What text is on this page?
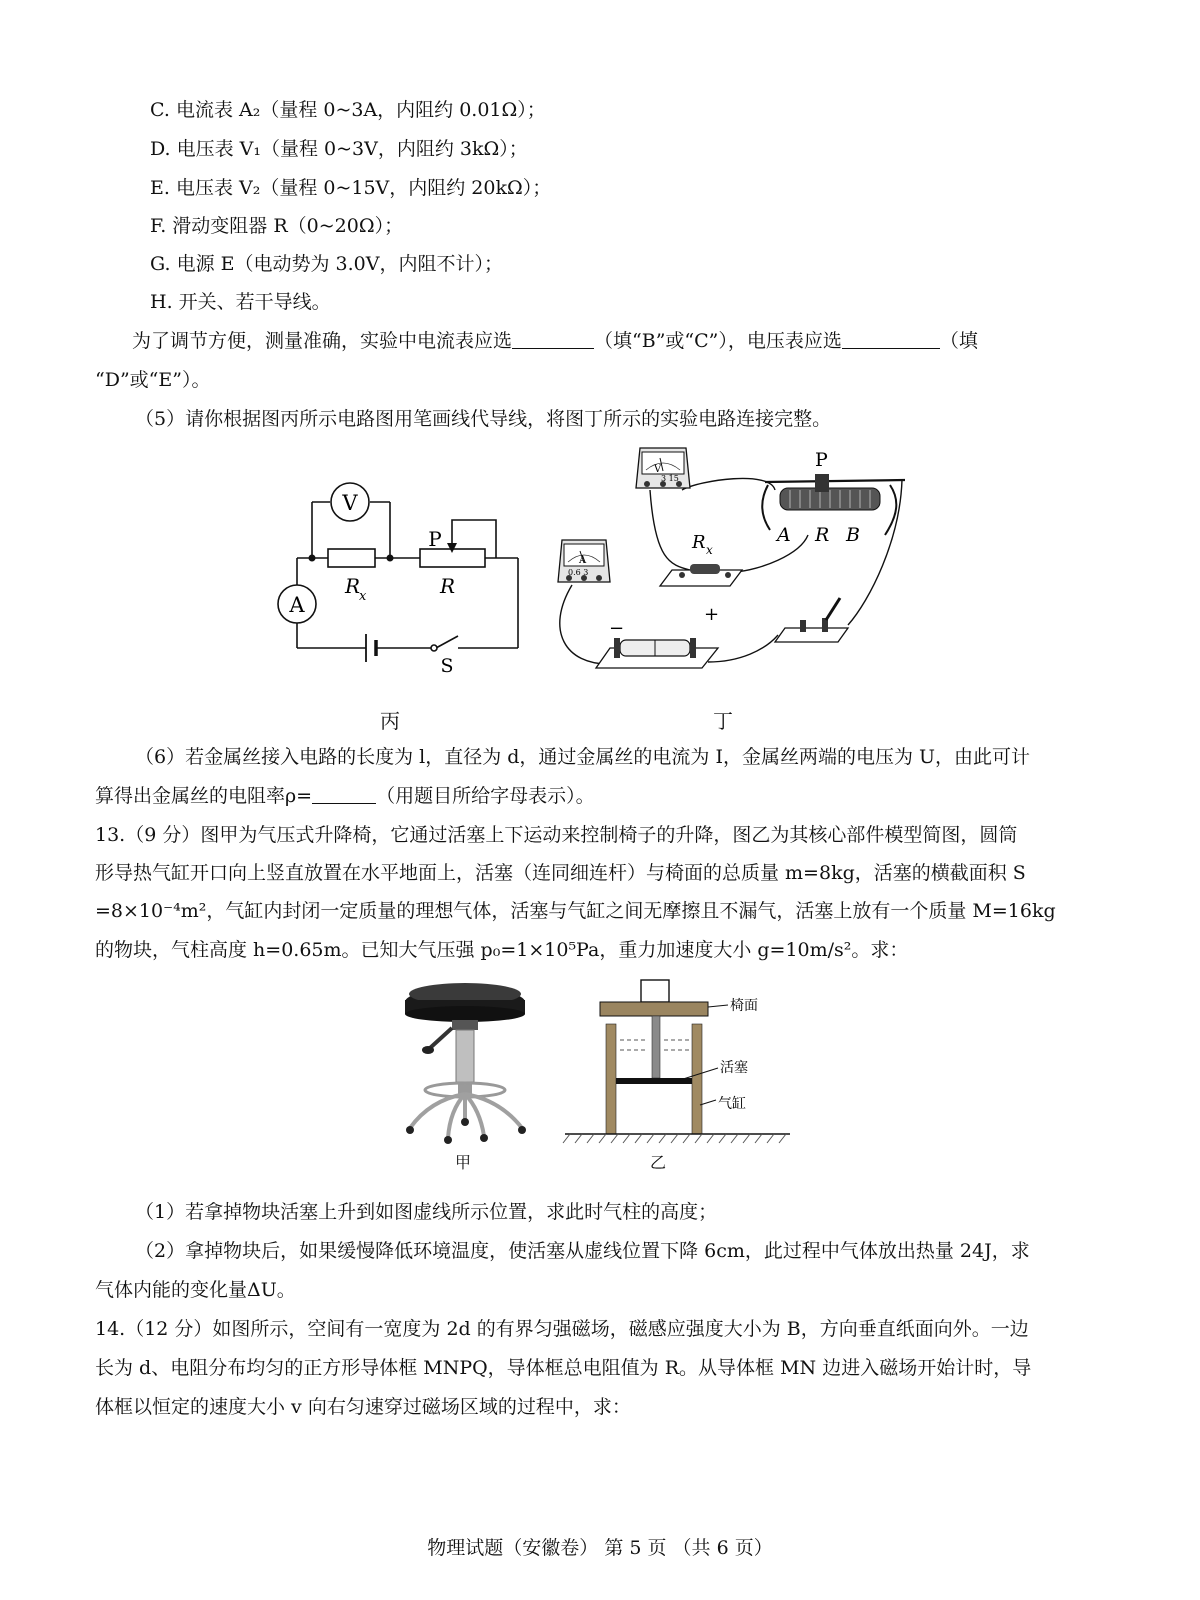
C. 电流表 A₂（量程 0~3A，内阻约 0.01Ω）；
D. 电压表 V₁（量程 0~3V，内阻约 3kΩ）；
E. 电压表 V₂（量程 0~15V，内阻约 20kΩ）；
F. 滑动变阻器 R（0~20Ω）；
G. 电源 E（电动势为 3.0V，内阻不计）；
H. 开关、若干导线。
为了调节方便，测量准确，实验中电流表应选	（填“B”或“C”），电压表应选	（填
“D”或“E”）。
（5）请你根据图丙所示电路图用笔画线代导线，将图丁所示的实验电路连接完整。
V
A
P
R
x	R
S
丙
V
3 15
A
0.6 3
R x
P
A R B
−
+
丁
（6）若金属丝接入电路的长度为 l，直径为 d，通过金属丝的电流为 I，金属丝两端的电压为 U，由此可计
算得出金属丝的电阻率ρ=	（用题目所给字母表示）。
13.（9 分）图甲为气压式升降椅，它通过活塞上下运动来控制椅子的升降，图乙为其核心部件模型简图，圆筒
形导热气缸开口向上竖直放置在水平地面上，活塞（连同细连杆）与椅面的总质量 m=8kg，活塞的横截面积 S
=8×10⁻⁴m²，气缸内封闭一定质量的理想气体，活塞与气缸之间无摩擦且不漏气，活塞上放有一个质量 M=16kg
的物块，气柱高度 h=0.65m。已知大气压强 p₀=1×10⁵Pa，重力加速度大小 g=10m/s²。求：
甲
椅面
活塞
气缸
乙
（1）若拿掉物块活塞上升到如图虚线所示位置，求此时气柱的高度；
（2）拿掉物块后，如果缓慢降低环境温度，使活塞从虚线位置下降 6cm，此过程中气体放出热量 24J，求
气体内能的变化量ΔU。
14.（12 分）如图所示，空间有一宽度为 2d 的有界匀强磁场，磁感应强度大小为 B，方向垂直纸面向外。一边
长为 d、电阻分布均匀的正方形导体框 MNPQ，导体框总电阻值为 R。从导体框 MN 边进入磁场开始计时，导
体框以恒定的速度大小 v 向右匀速穿过磁场区域的过程中，求：
物理试题（安徽卷） 第 5 页 （共 6 页）
